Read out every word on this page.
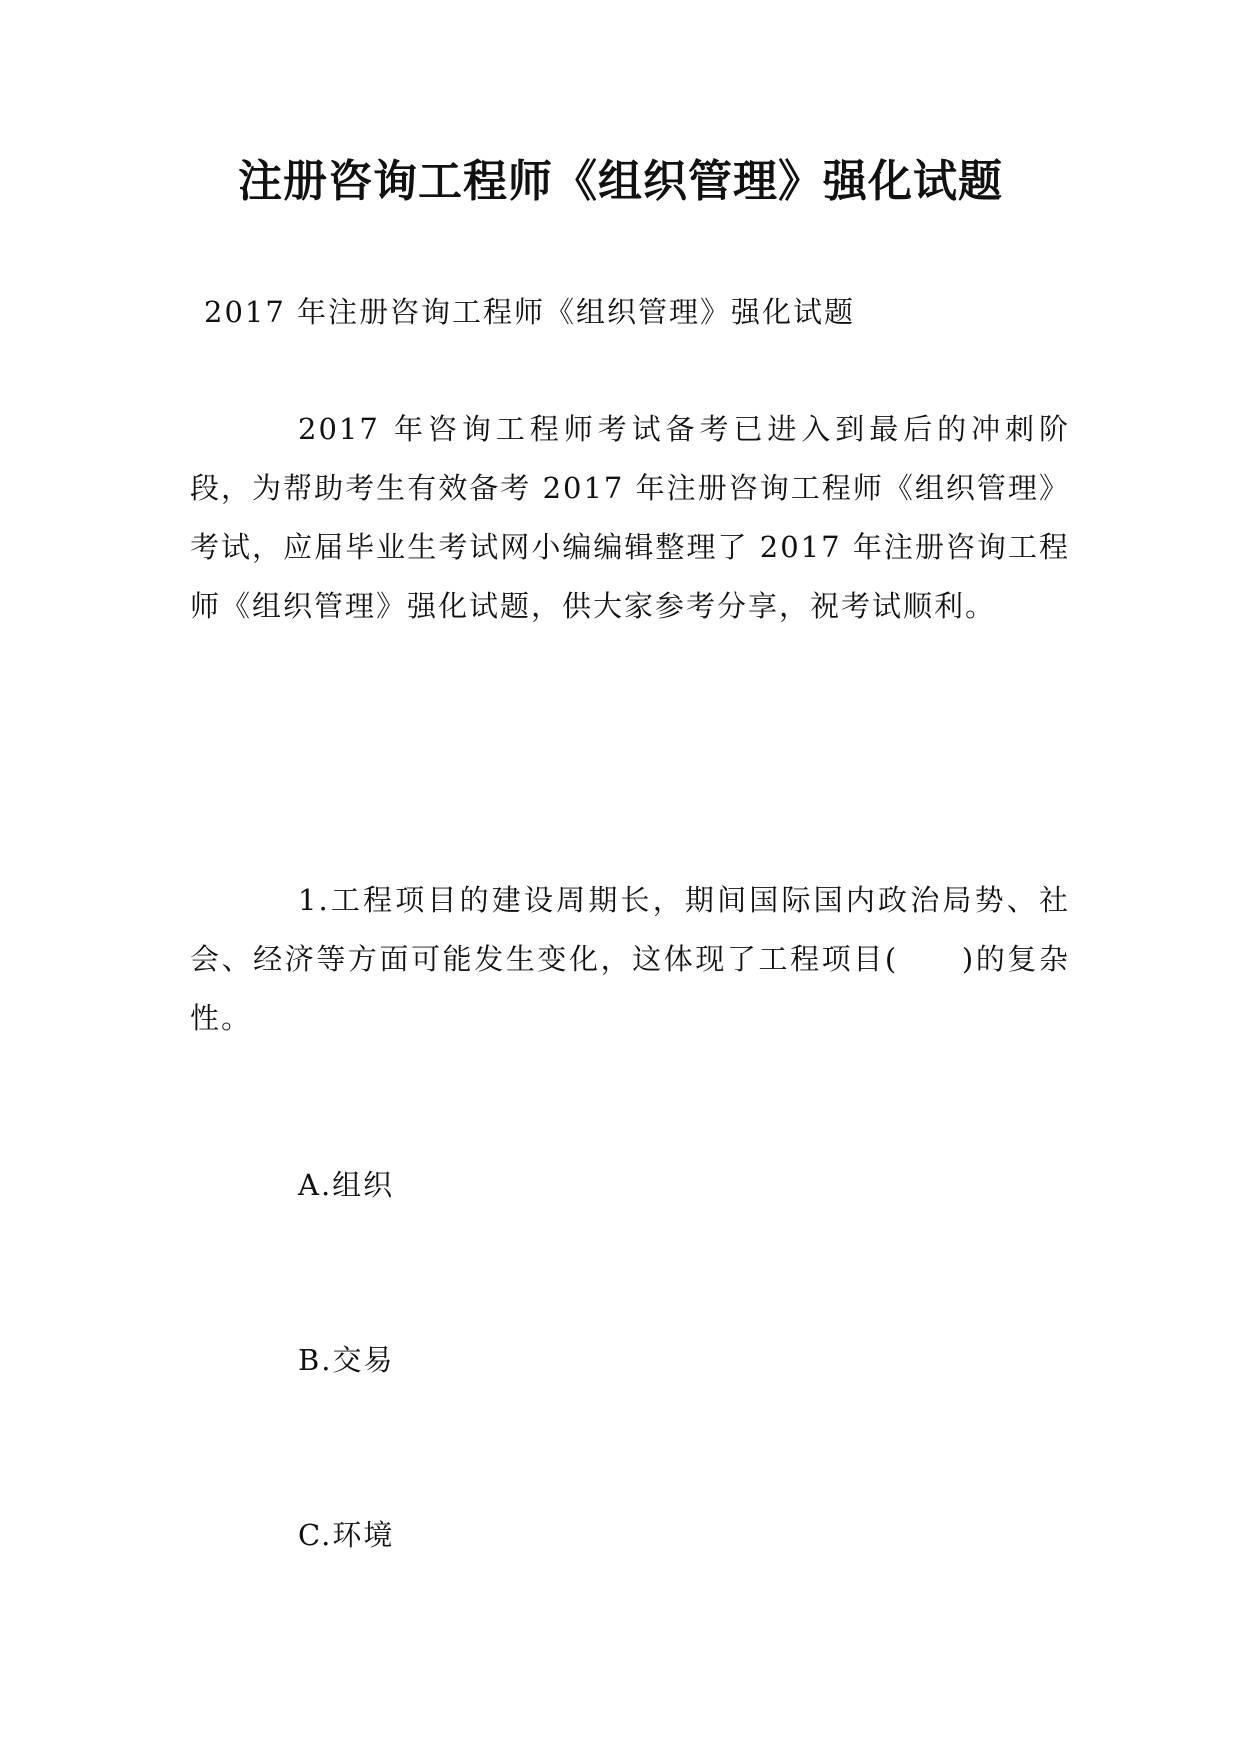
注册咨询工程师《组织管理》强化试题

2017 年注册咨询工程师《组织管理》强化试题

2017 年咨询工程师考试备考已进入到最后的冲刺阶段，为帮助考生有效备考 2017 年注册咨询工程师《组织管理》考试，应届毕业生考试网小编编辑整理了 2017 年注册咨询工程师《组织管理》强化试题，供大家参考分享，祝考试顺利。

1.工程项目的建设周期长，期间国际国内政治局势、社会、经济等方面可能发生变化，这体现了工程项目(　　)的复杂性。

A.组织

B.交易

C.环境
